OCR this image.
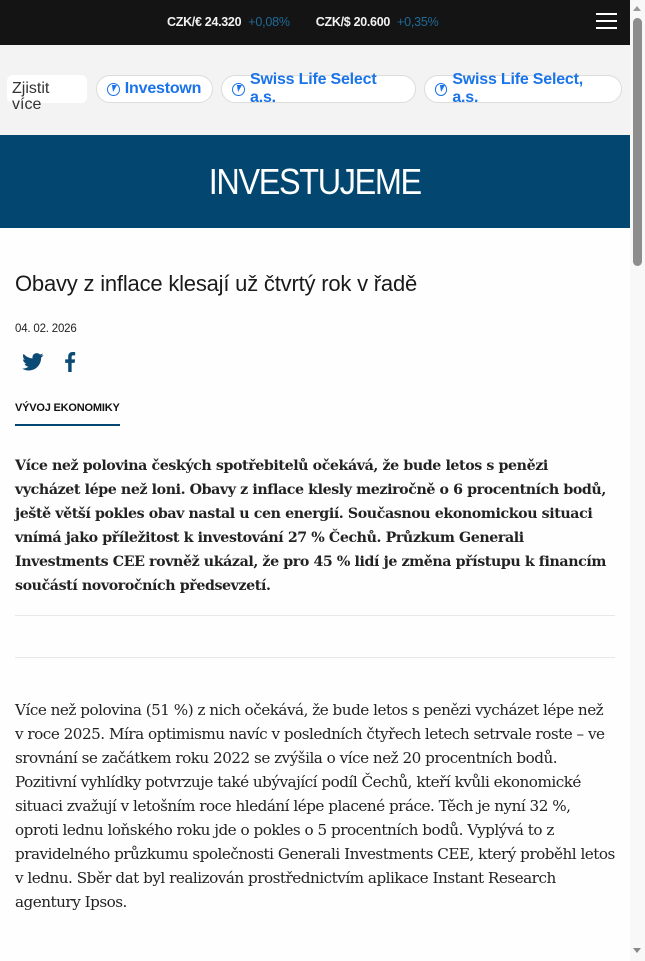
CZK/€ 24.320 +0,08% CZK/$ 20.600 +0,35%
Zjistit více
Investown
Swiss Life Select a.s.
Swiss Life Select, a.s.
INVESTUJEME
Obavy z inflace klesají už čtvrtý rok v řadě
04. 02. 2026
VÝVOJ EKONOMIKY

Více než polovina českých spotřebitelů očekává, že bude letos s penězi vycházet lépe než loni. Obavy z inflace klesly meziročně o 6 procentních bodů, ještě větší pokles obav nastal u cen energií. Současnou ekonomickou situaci vnímá jako příležitost k investování 27 % Čechů. Průzkum Generali Investments CEE rovněž ukázal, že pro 45 % lidí je změna přístupu k financím součástí novoročních předsevzetí.

Více než polovina (51 %) z nich očekává, že bude letos s penězi vycházet lépe než v roce 2025. Míra optimismu navíc v posledních čtyřech letech setrvale roste – ve srovnání se začátkem roku 2022 se zvýšila o více než 20 procentních bodů. Pozitivní vyhlídky potvrzuje také ubývající podíl Čechů, kteří kvůli ekonomické situaci zvažují v letošním roce hledání lépe placené práce. Těch je nyní 32 %, oproti lednu loňského roku jde o pokles o 5 procentních bodů. Vyplývá to z pravidelného průzkumu společnosti Generali Investments CEE, který proběhl letos v lednu. Sběr dat byl realizován prostřednictvím aplikace Instant Research agentury Ipsos.
